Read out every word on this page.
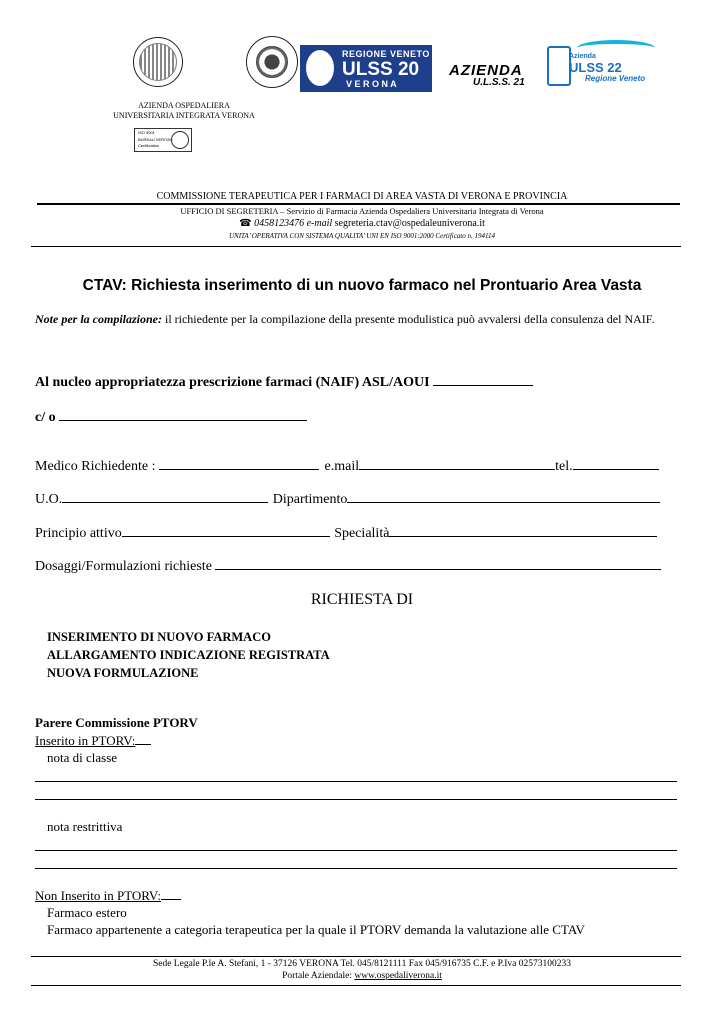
REGIONE VENETO
ULSS 20
V E R O N A
AZIENDA
U.L.S.S. 21
Azienda
ULSS 22
Regione Veneto
AZIENDA OSPEDALIERA
UNIVERSITARIA INTEGRATA VERONA
ISO 9001
BUREAU VERITAS
Certification
COMMISSIONE TERAPEUTICA PER I FARMACI DI AREA VASTA DI VERONA E PROVINCIA
UFFICIO DI SEGRETERIA – Servizio di Farmacia Azienda Ospedaliera Universitaria Integrata di Verona
☎ 0458123476 e-mail segreteria.ctav@ospedaleuniverona.it
UNITA’ OPERATIVA CON SISTEMA QUALITA’ UNI EN ISO 9001:2000 Certificato n. 194114
CTAV: Richiesta inserimento di un nuovo farmaco nel Prontuario Area Vasta
Note per la compilazione: il richiedente per la compilazione della presente modulistica può avvalersi della consulenza del NAIF.
Al nucleo appropriatezza prescrizione farmaci (NAIF) ASL/AOUI
c/ o
Medico Richiedente :	e.mail	tel.
U.O.	Dipartimento
Principio attivo	Specialità
Dosaggi/Formulazioni richieste
RICHIESTA DI
INSERIMENTO DI NUOVO FARMACO
ALLARGAMENTO INDICAZIONE REGISTRATA
NUOVA FORMULAZIONE
Parere Commissione PTORV
Inserito in PTORV:
nota di classe
nota restrittiva
Non Inserito in PTORV:
Farmaco estero
Farmaco appartenente a categoria terapeutica per la quale il PTORV demanda la valutazione alle CTAV
Sede Legale P.le A. Stefani, 1 - 37126 VERONA Tel. 045/8121111 Fax 045/916735 C.F. e P.Iva 02573100233
Portale Aziendale: www.ospedaliverona.it
